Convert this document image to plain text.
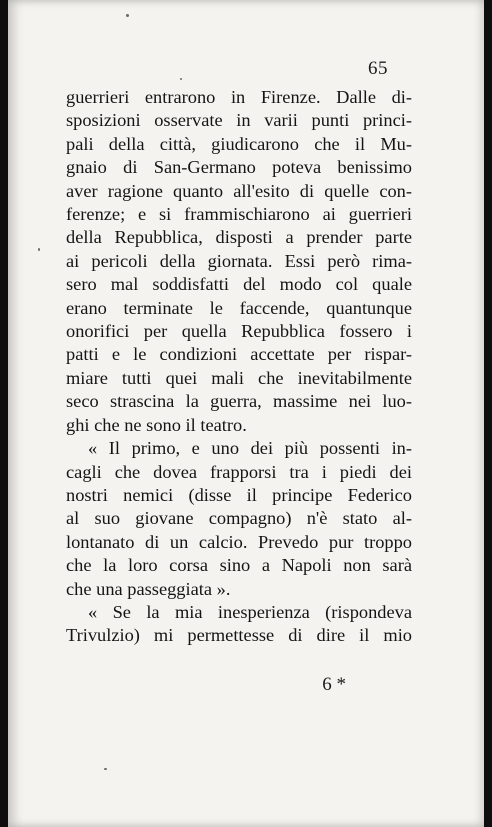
65
guerrieri entrarono in Firenze. Dalle di-
sposizioni osservate in varii punti princi-
pali della città, giudicarono che il Mu-
gnaio di San-Germano poteva benissimo
aver ragione quanto all'esito di quelle con-
ferenze; e si frammischiarono ai guerrieri
della Repubblica, disposti a prender parte
ai pericoli della giornata. Essi però rima-
sero mal soddisfatti del modo col quale
erano terminate le faccende, quantunque
onorifici per quella Repubblica fossero i
patti e le condizioni accettate per rispar-
miare tutti quei mali che inevitabilmente
seco strascina la guerra, massime nei luo-
ghi che ne sono il teatro.
« Il primo, e uno dei più possenti in-
cagli che dovea frapporsi tra i piedi dei
nostri nemici (disse il principe Federico
al suo giovane compagno) n'è stato al-
lontanato di un calcio. Prevedo pur troppo
che la loro corsa sino a Napoli non sarà
che una passeggiata ».
« Se la mia inesperienza (rispondeva
Trivulzio) mi permettesse di dire il mio
6 *
